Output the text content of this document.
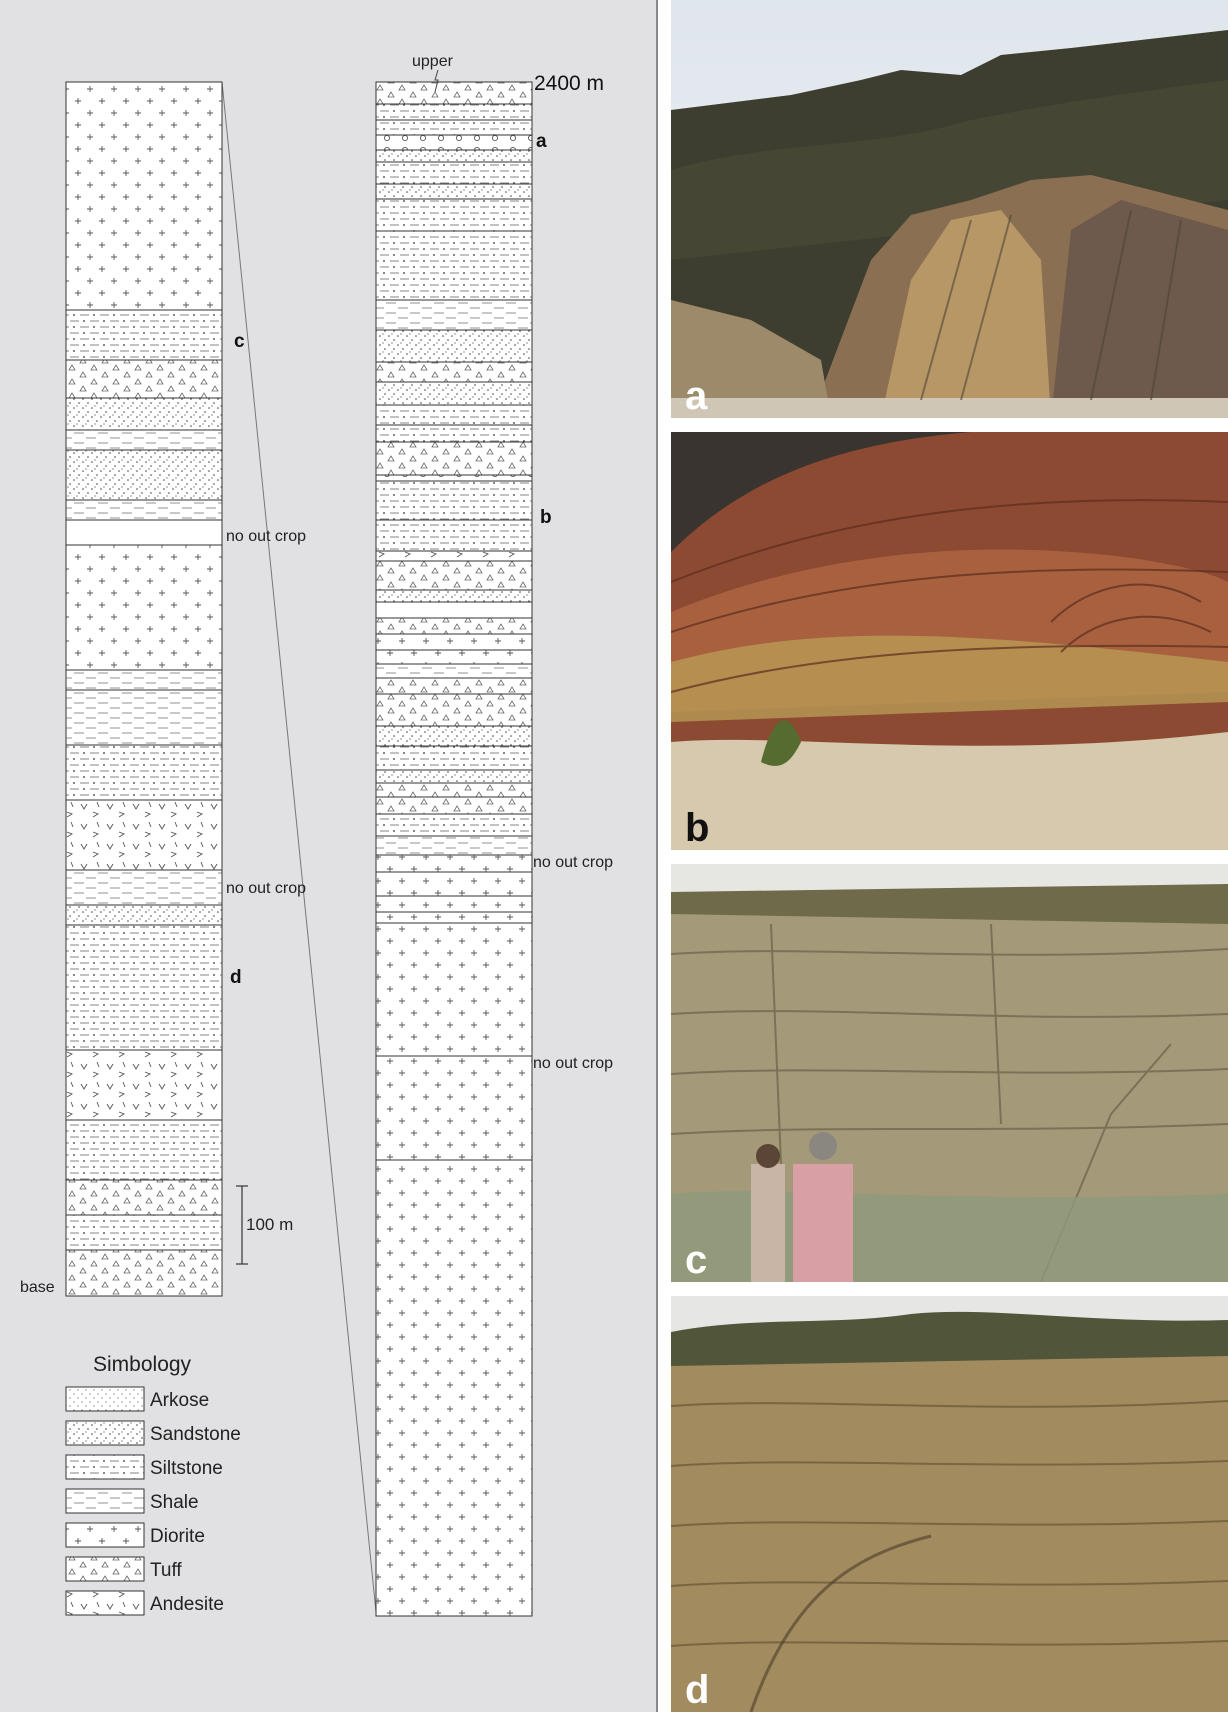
upper
2400 m
a
b
c
d
no out crop
no out crop
no out crop
no out crop
base
100 m
Simbology
Arkose
Sandstone
Siltstone
Shale
Diorite
Tuff
Andesite
a
b
c
d
